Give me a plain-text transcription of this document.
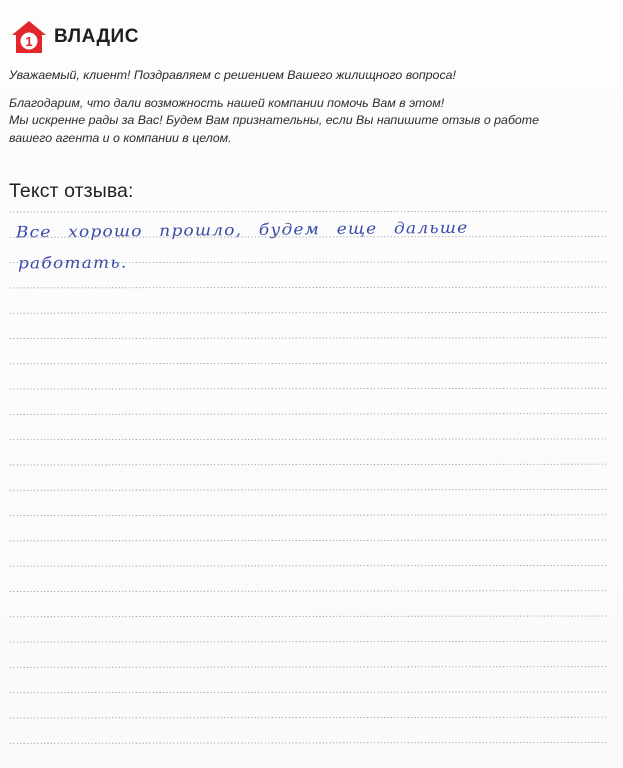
1 ВЛАДИС
Уважаемый, клиент! Поздравляем с решением Вашего жилищного вопроса!
Благодарим, что дали возможность нашей компании помочь Вам в этом!
Мы искренне рады за Вас! Будем Вам признательны, если Вы напишите отзыв о работе
вашего агента и о компании в целом.
Текст отзыва:
Все хорошо прошло, будем еще дальше
работать.
